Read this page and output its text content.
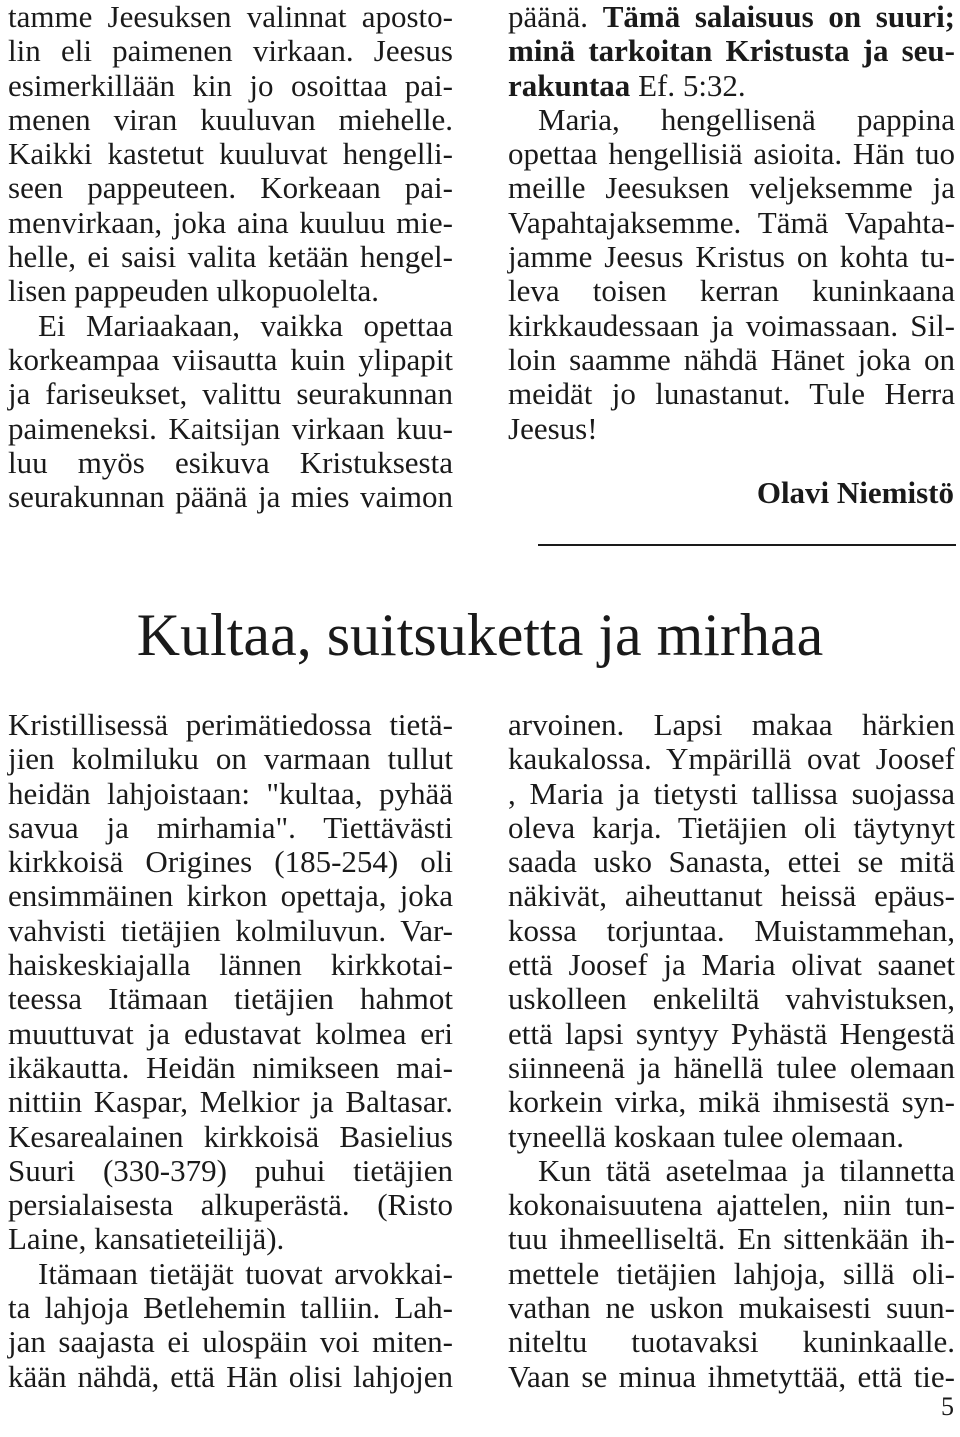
tamme Jeesuksen valinnat aposto-
lin eli paimenen virkaan. Jeesus
esimerkillään kin jo osoittaa pai-
menen viran kuuluvan miehelle.
Kaikki kastetut kuuluvat hengelli-
seen pappeuteen. Korkeaan pai-
menvirkaan, joka aina kuuluu mie-
helle, ei saisi valita ketään hengel-
lisen pappeuden ulkopuolelta.
Ei Mariaakaan, vaikka opettaa
korkeampaa viisautta kuin ylipapit
ja fariseukset, valittu seurakunnan
paimeneksi. Kaitsijan virkaan kuu-
luu myös esikuva Kristuksesta
seurakunnan päänä ja mies vaimon
päänä. Tämä salaisuus on suuri;
minä tarkoitan Kristusta ja seu-
rakuntaa Ef. 5:32.
Maria, hengellisenä pappina
opettaa hengellisiä asioita. Hän tuo
meille Jeesuksen veljeksemme ja
Vapahtajaksemme. Tämä Vapahta-
jamme Jeesus Kristus on kohta tu-
leva toisen kerran kuninkaana
kirkkaudessaan ja voimassaan. Sil-
loin saamme nähdä Hänet joka on
meidät jo lunastanut. Tule Herra
Jeesus!
Olavi Niemistö
Kultaa, suitsuketta ja mirhaa
Kristillisessä perimätiedossa tietä-
jien kolmiluku on varmaan tullut
heidän lahjoistaan: "kultaa, pyhää
savua ja mirhamia". Tiettävästi
kirkkoisä Origines (185-254) oli
ensimmäinen kirkon opettaja, joka
vahvisti tietäjien kolmiluvun. Var-
haiskeskiajalla lännen kirkkotai-
teessa Itämaan tietäjien hahmot
muuttuvat ja edustavat kolmea eri
ikäkautta. Heidän nimikseen mai-
nittiin Kaspar, Melkior ja Baltasar.
Kesarealainen kirkkoisä Basielius
Suuri (330-379) puhui tietäjien
persialaisesta alkuperästä. (Risto
Laine, kansatieteilijä).
Itämaan tietäjät tuovat arvokkai-
ta lahjoja Betlehemin talliin. Lah-
jan saajasta ei ulospäin voi miten-
kään nähdä, että Hän olisi lahjojen
arvoinen. Lapsi makaa härkien
kaukalossa. Ympärillä ovat Joosef
, Maria ja tietysti tallissa suojassa
oleva karja. Tietäjien oli täytynyt
saada usko Sanasta, ettei se mitä
näkivät, aiheuttanut heissä epäus-
kossa torjuntaa. Muistammehan,
että Joosef ja Maria olivat saanet
uskolleen enkeliltä vahvistuksen,
että lapsi syntyy Pyhästä Hengestä
siinneenä ja hänellä tulee olemaan
korkein virka, mikä ihmisestä syn-
tyneellä koskaan tulee olemaan.
Kun tätä asetelmaa ja tilannetta
kokonaisuutena ajattelen, niin tun-
tuu ihmeelliseltä. En sittenkään ih-
mettele tietäjien lahjoja, sillä oli-
vathan ne uskon mukaisesti suun-
niteltu tuotavaksi kuninkaalle.
Vaan se minua ihmetyttää, että tie-
5
